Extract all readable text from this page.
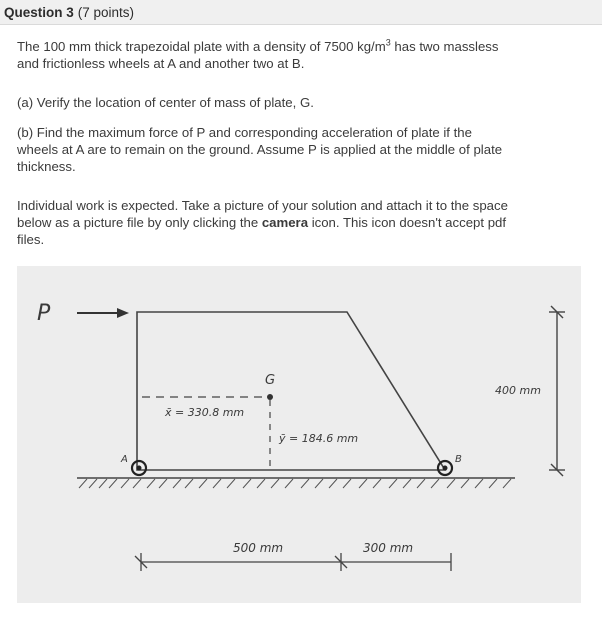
Question 3 (7 points)

The 100 mm thick trapezoidal plate with a density of 7500 $kg/m^3$ has two massless

and frictionless wheels at A and another two at B.

(a) Verify the location of center of mass of plate, G.

(b) Find the maximum force of P and corresponding acceleration of plate if the

wheels at A are to remain on the ground. Assume P is applied at the middle of plate

thickness.

Individual work is expected. Take a picture of your solution and attach it to the space

below as a picture file by only clicking the camera icon. This icon doesn't accept pdf

files.

P
G
x̄ = 330.8 mm
ȳ = 184.6 mm
A	B
400 mm
500 mm	300 mm
